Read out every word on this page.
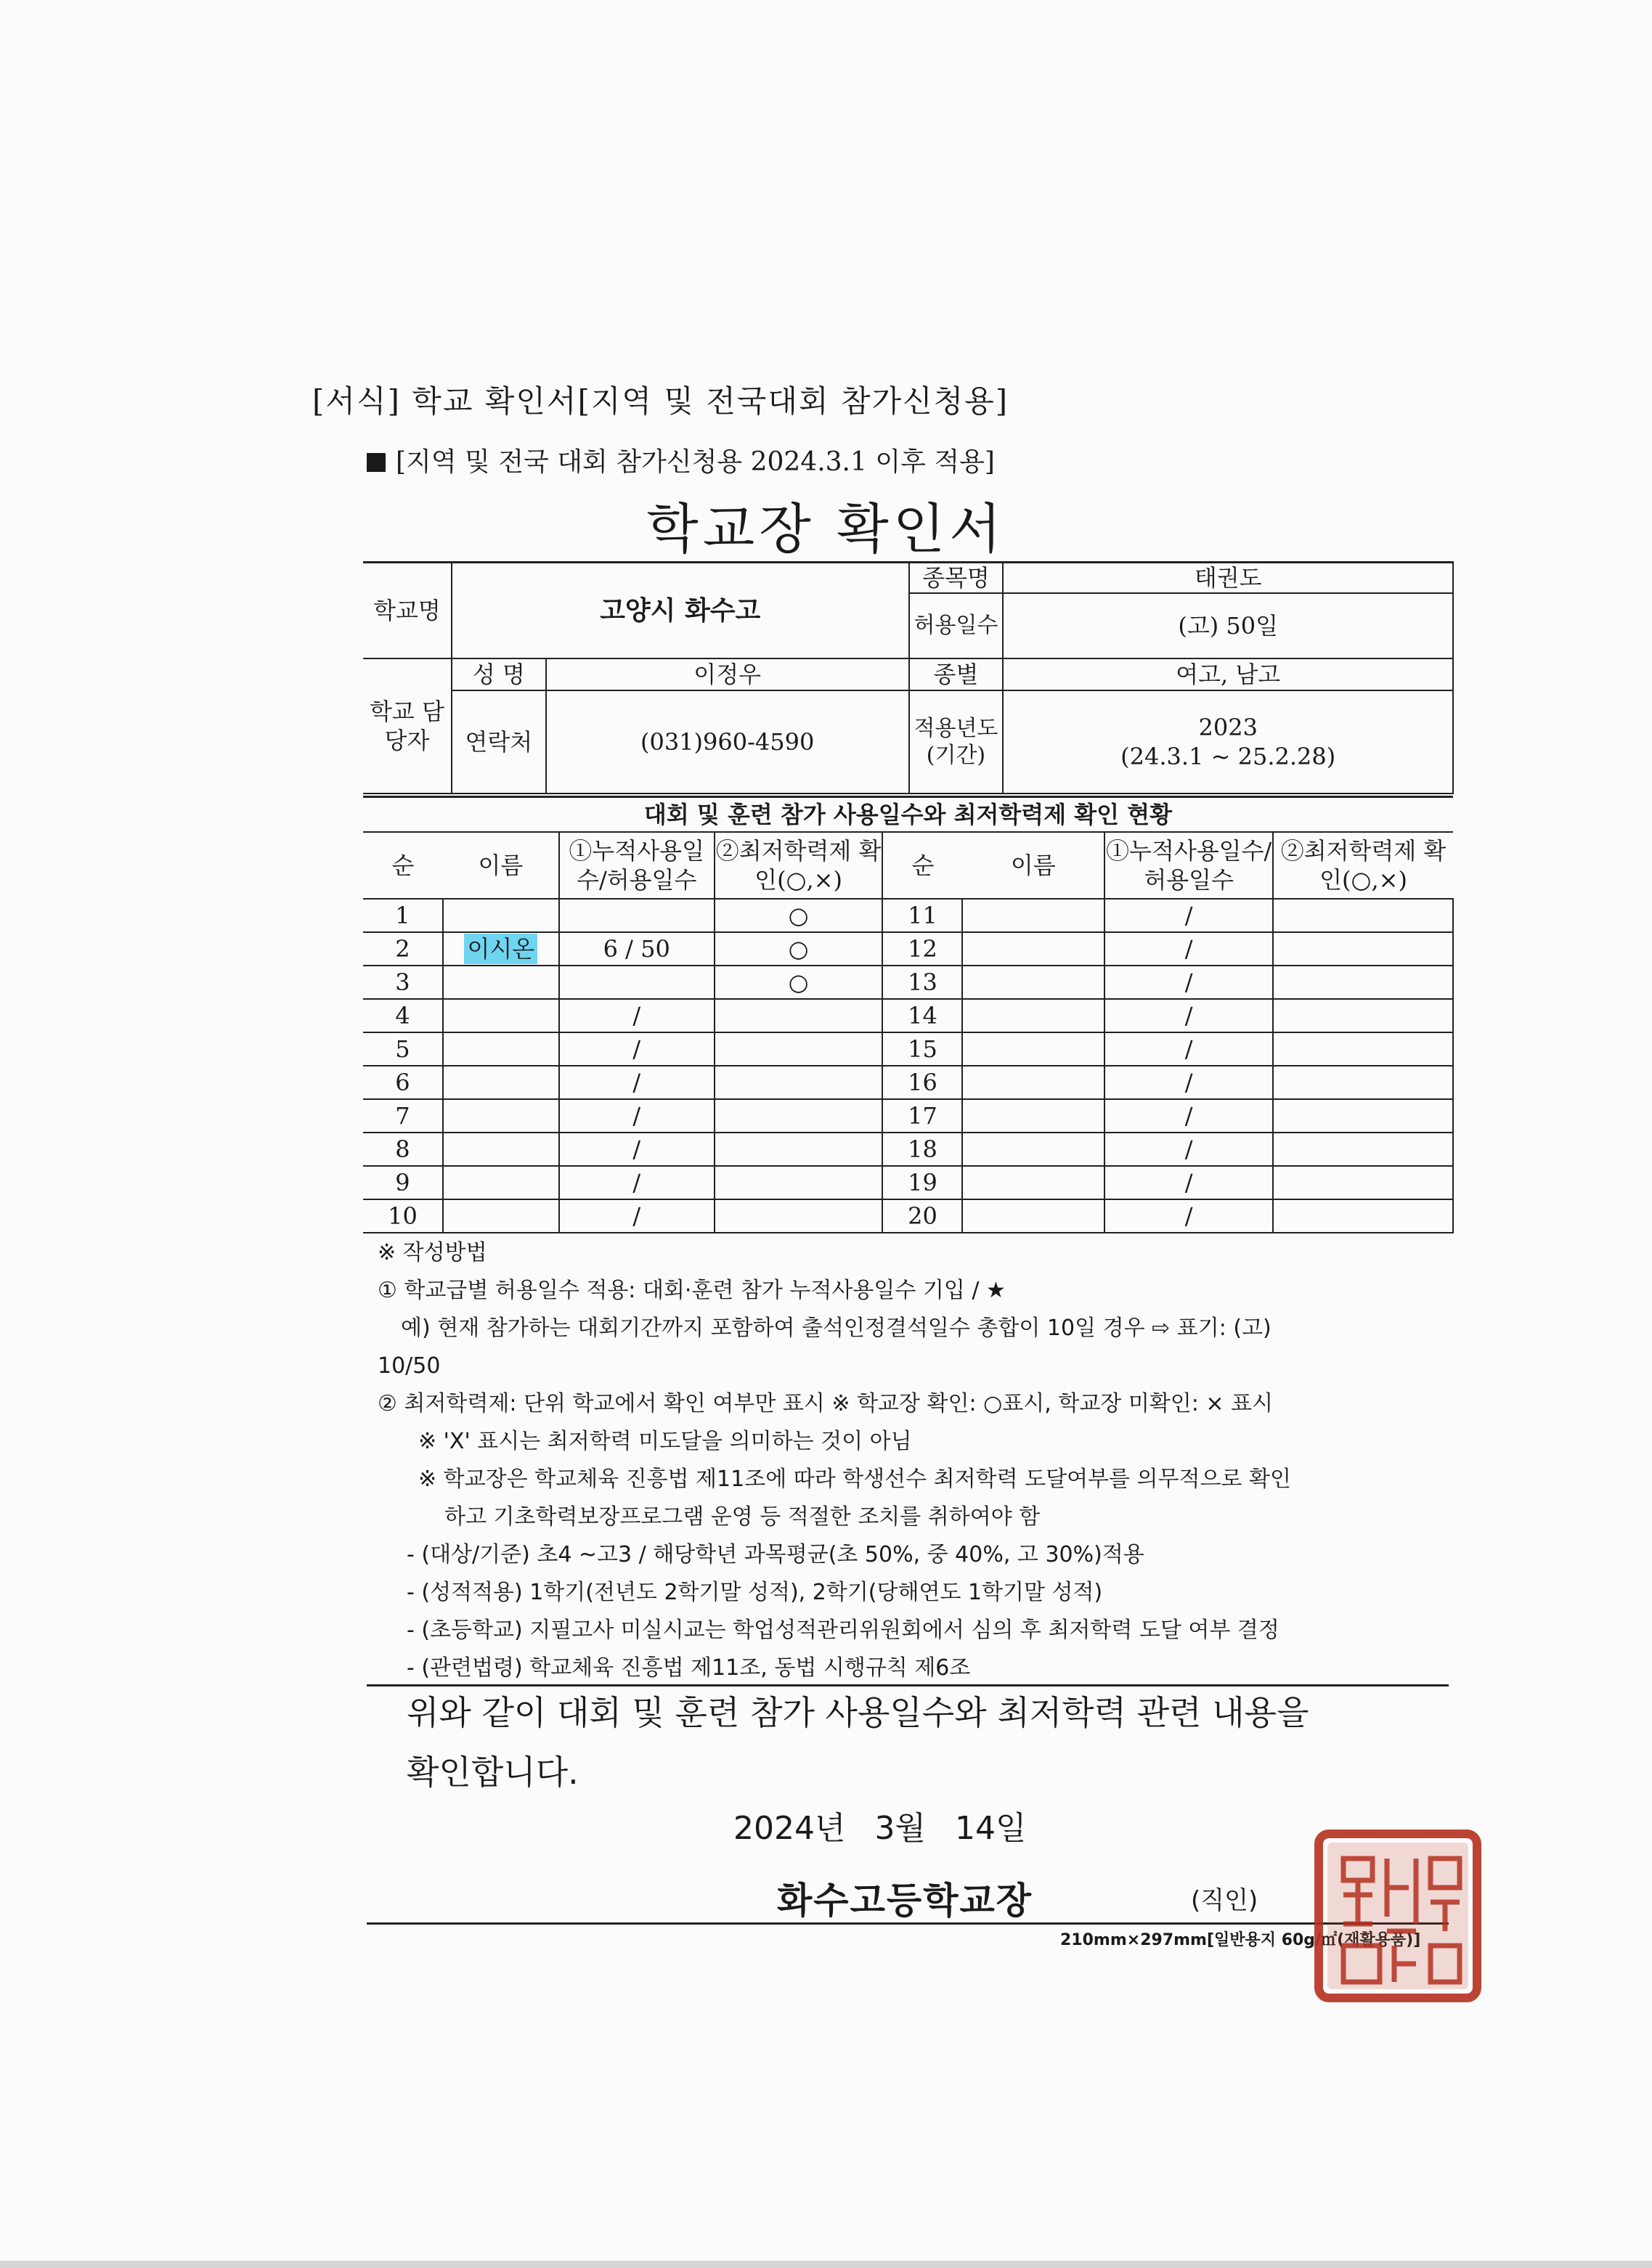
[서식] 학교 확인서[지역 및 전국대회 참가신청용]
[지역 및 전국 대회 참가신청용 2024.3.1 이후 적용]
학교장 확인서
학교명	고양시 화수고		종목명	태권도
			허용일수	(고) 50일
학교 담당자	성 명	이정우	종별	여고, 남고
	연락처	(031)960-4590	적용년도 (기간)	2023
(24.3.1 ~ 25.2.28)
대회 및 훈련 참가 사용일수와 최저학력제 확인 현황							
순	이름	①누적사용일수/허용일수	②최저학력제 확인(○,×)	순	이름	①누적사용일수/허용일수	②최저학력제 확인(○,×)
1			○	11		/	
2	이시온	6 / 50	○	12		/	
3			○	13		/	
4		/		14		/	
5		/		15		/	
6		/		16		/	
7		/		17		/	
8		/		18		/	
9		/		19		/	
10		/		20		/	
※ 작성방법
① 학교급별 허용일수 적용: 대회·훈련 참가 누적사용일수 기입 / ★
예) 현재 참가하는 대회기간까지 포함하여 출석인정결석일수 총합이 10일 경우 ⇨ 표기: (고)
10/50
② 최저학력제: 단위 학교에서 확인 여부만 표시 ※ 학교장 확인: ○표시, 학교장 미확인: × 표시
※ 'X' 표시는 최저학력 미도달을 의미하는 것이 아님
※ 학교장은 학교체육 진흥법 제11조에 따라 학생선수 최저학력 도달여부를 의무적으로 확인
하고 기초학력보장프로그램 운영 등 적절한 조치를 취하여야 함
- (대상/기준) 초4 ~고3 / 해당학년 과목평균(초 50%, 중 40%, 고 30%)적용
- (성적적용) 1학기(전년도 2학기말 성적), 2학기(당해연도 1학기말 성적)
- (초등학교) 지필고사 미실시교는 학업성적관리위원회에서 심의 후 최저학력 도달 여부 결정
- (관련법령) 학교체육 진흥법 제11조, 동법 시행규칙 제6조
위와 같이 대회 및 훈련 참가 사용일수와 최저학력 관련 내용을
확인합니다.
2024년 3월 14일
화수고등학교장	(직인)
210mm×297mm[일반용지 60g/㎡(재활용품)]
